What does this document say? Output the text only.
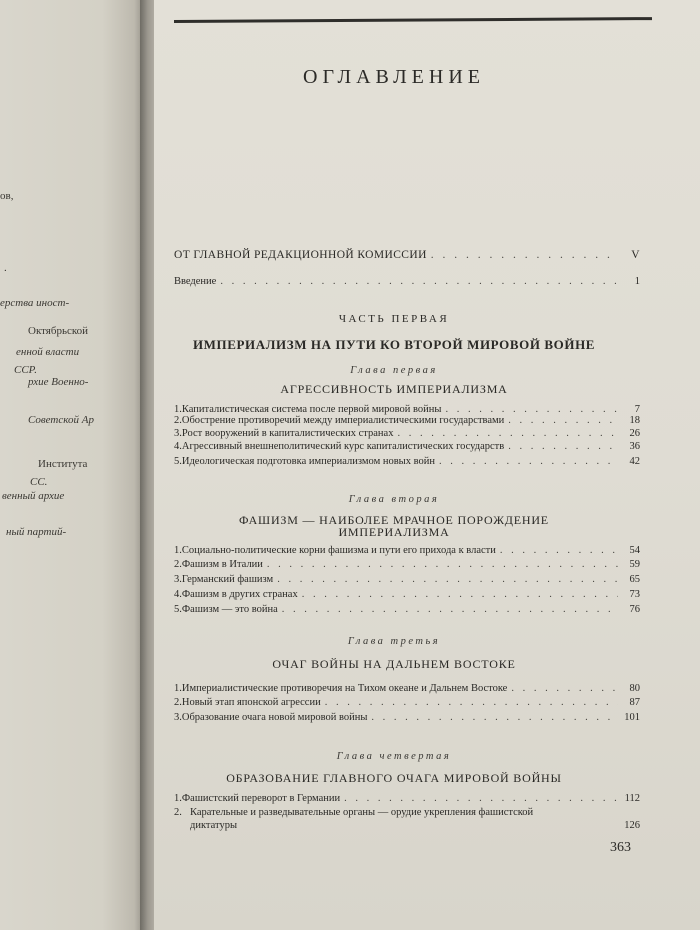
ов,
.
ерства иност-
Октябрьской
енной власти
ССР.
рхие Военно-
Советской Ар
Института
СС.
венный архие
ный партий-
ОГЛАВЛЕНИЕ
ОТ ГЛАВНОЙ РЕДАКЦИОННОЙ КОМИССИИ . . .	V
Введение . . .	1
ЧАСТЬ ПЕРВАЯ
ИМПЕРИАЛИЗМ НА ПУТИ КО ВТОРОЙ МИРОВОЙ ВОЙНЕ
Глава первая
АГРЕССИВНОСТЬ ИМПЕРИАЛИЗМА
1. Капиталистическая система после первой мировой войны . . .	7
2. Обострение противоречий между империалистическими государствами . . .	18
3. Рост вооружений в капиталистических странах . . .	26
4. Агрессивный внешнеполитический курс капиталистических государств . . .	36
5. Идеологическая подготовка империализмом новых войн . . .	42
Глава вторая
ФАШИЗМ — НАИБОЛЕЕ МРАЧНОЕ ПОРОЖДЕНИЕ
ИМПЕРИАЛИЗМА
1. Социально-политические корни фашизма и пути его прихода к власти . . .	54
2. Фашизм в Италии . . .	59
3. Германский фашизм . . .	65
4. Фашизм в других странах . . .	73
5. Фашизм — это война . . .	76
Глава третья
ОЧАГ ВОЙНЫ НА ДАЛЬНЕМ ВОСТОКЕ
1. Империалистические противоречия на Тихом океане и Дальнем Востоке . . .	80
2. Новый этап японской агрессии . . .	87
3. Образование очага новой мировой войны . . .	101
Глава четвертая
ОБРАЗОВАНИЕ ГЛАВНОГО ОЧАГА МИРОВОЙ ВОЙНЫ
1. Фашистский переворот в Германии . . .	112
2. Карательные и разведывательные органы — орудие укрепления фашистской
диктатуры	126
363
